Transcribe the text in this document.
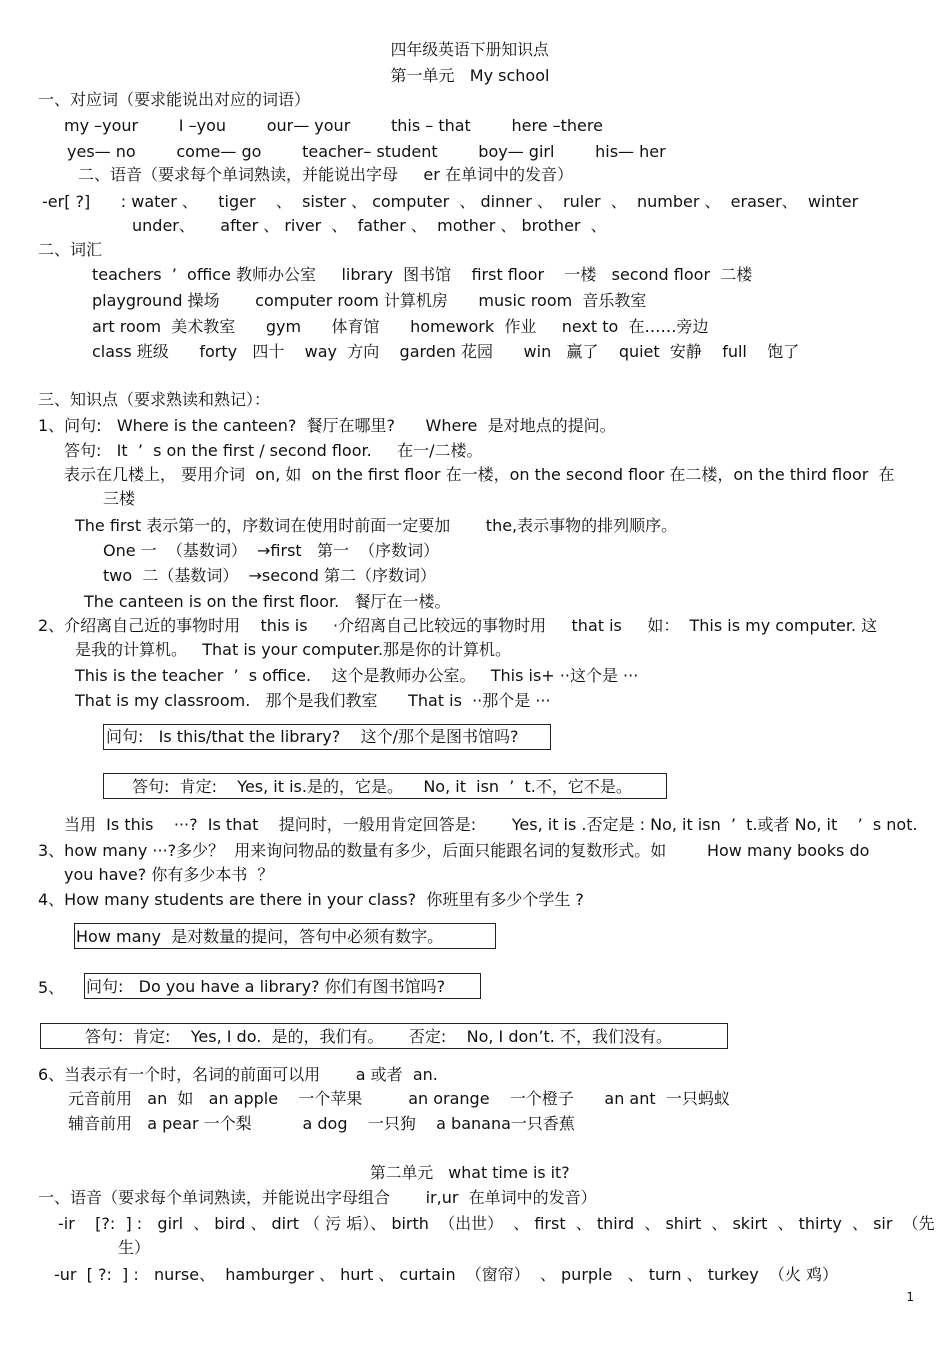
四年级英语下册知识点
第一单元   My school
一、对应词（要求能说出对应的词语）
my –your        I –you        our— your        this – that        here –there
yes— no        come— go        teacher– student        boy— girl        his— her
二、语音（要求每个单词熟读，并能说出字母     er 在单词中的发音）
-er[ ?]      : water 、    tiger    、  sister 、 computer  、 dinner 、  ruler  、  number 、  eraser、  winter
under、     after 、 river  、  father 、  mother 、 brother  、
二、词汇
teachers  ’  office 教师办公室     library  图书馆    first floor    一楼   second floor  二楼
playground 操场       computer room 计算机房      music room  音乐教室
art room  美术教室      gym      体育馆      homework  作业     next to  在……旁边
class 班级      forty   四十    way  方向    garden 花园      win   赢了    quiet  安静    full    饱了
三、知识点（要求熟读和熟记）：
1、问句:   Where is the canteen?  餐厅在哪里?      Where  是对地点的提问。
答句:   It  ’  s on the first / second floor.     在一/二楼。
表示在几楼上， 要用介词  on, 如  on the first floor 在一楼，on the second floor 在二楼，on the third floor  在
三楼
The first 表示第一的，序数词在使用时前面一定要加       the,表示事物的排列顺序。
One 一  （基数词）  →first   第一  （序数词）
two  二（基数词）  →second 第二（序数词）
The canteen is on the first floor.   餐厅在一楼。
2、介绍离自己近的事物时用    this is     ·介绍离自己比较远的事物时用     that is     如：  This is my computer. 这
是我的计算机。   That is your computer.那是你的计算机。
This is the teacher  ’  s office.    这个是教师办公室。   This is+ ··这个是 ···
That is my classroom.   那个是我们教室      That is  ··那个是 ···
问句:   Is this/that the library?    这个/那个是图书馆吗?
答句:  肯定:    Yes, it is.是的，它是。    No, it  isn  ’  t.不，它不是。
当用  Is this    ···?  Is that    提问时，一般用肯定回答是:       Yes, it is .否定是 : No, it isn  ’  t.或者 No, it    ’  s not.
3、how many ···?多少？  用来询问物品的数量有多少，后面只能跟名词的复数形式。如        How many books do
you have? 你有多少本书  ？
4、How many students are there in your class?  你班里有多少个学生 ?
How many  是对数量的提问，答句中必须有数字。
5、 问句:   Do you have a library? 你们有图书馆吗?
答句：肯定:    Yes, I do.  是的，我们有。     否定:    No, I don’t. 不，我们没有。
6、当表示有一个时，名词的前面可以用       a 或者  an.
元音前用   an  如   an apple    一个苹果         an orange    一个橙子      an ant  一只蚂蚁
辅音前用   a pear 一个梨          a dog    一只狗    a banana一只香蕉
第二单元   what time is it?
一、语音（要求每个单词熟读，并能说出字母组合       ir,ur  在单词中的发音）
-ir    [?:  ] :   girl  、 bird 、 dirt （ 污 垢）、 birth  （出世）  、 first  、 third  、 shirt  、 skirt  、 thirty  、 sir  （先
生）
-ur  [ ?:  ] :   nurse、  hamburger 、 hurt 、 curtain  （窗帘）  、 purple   、 turn 、 turkey  （火 鸡）
1
